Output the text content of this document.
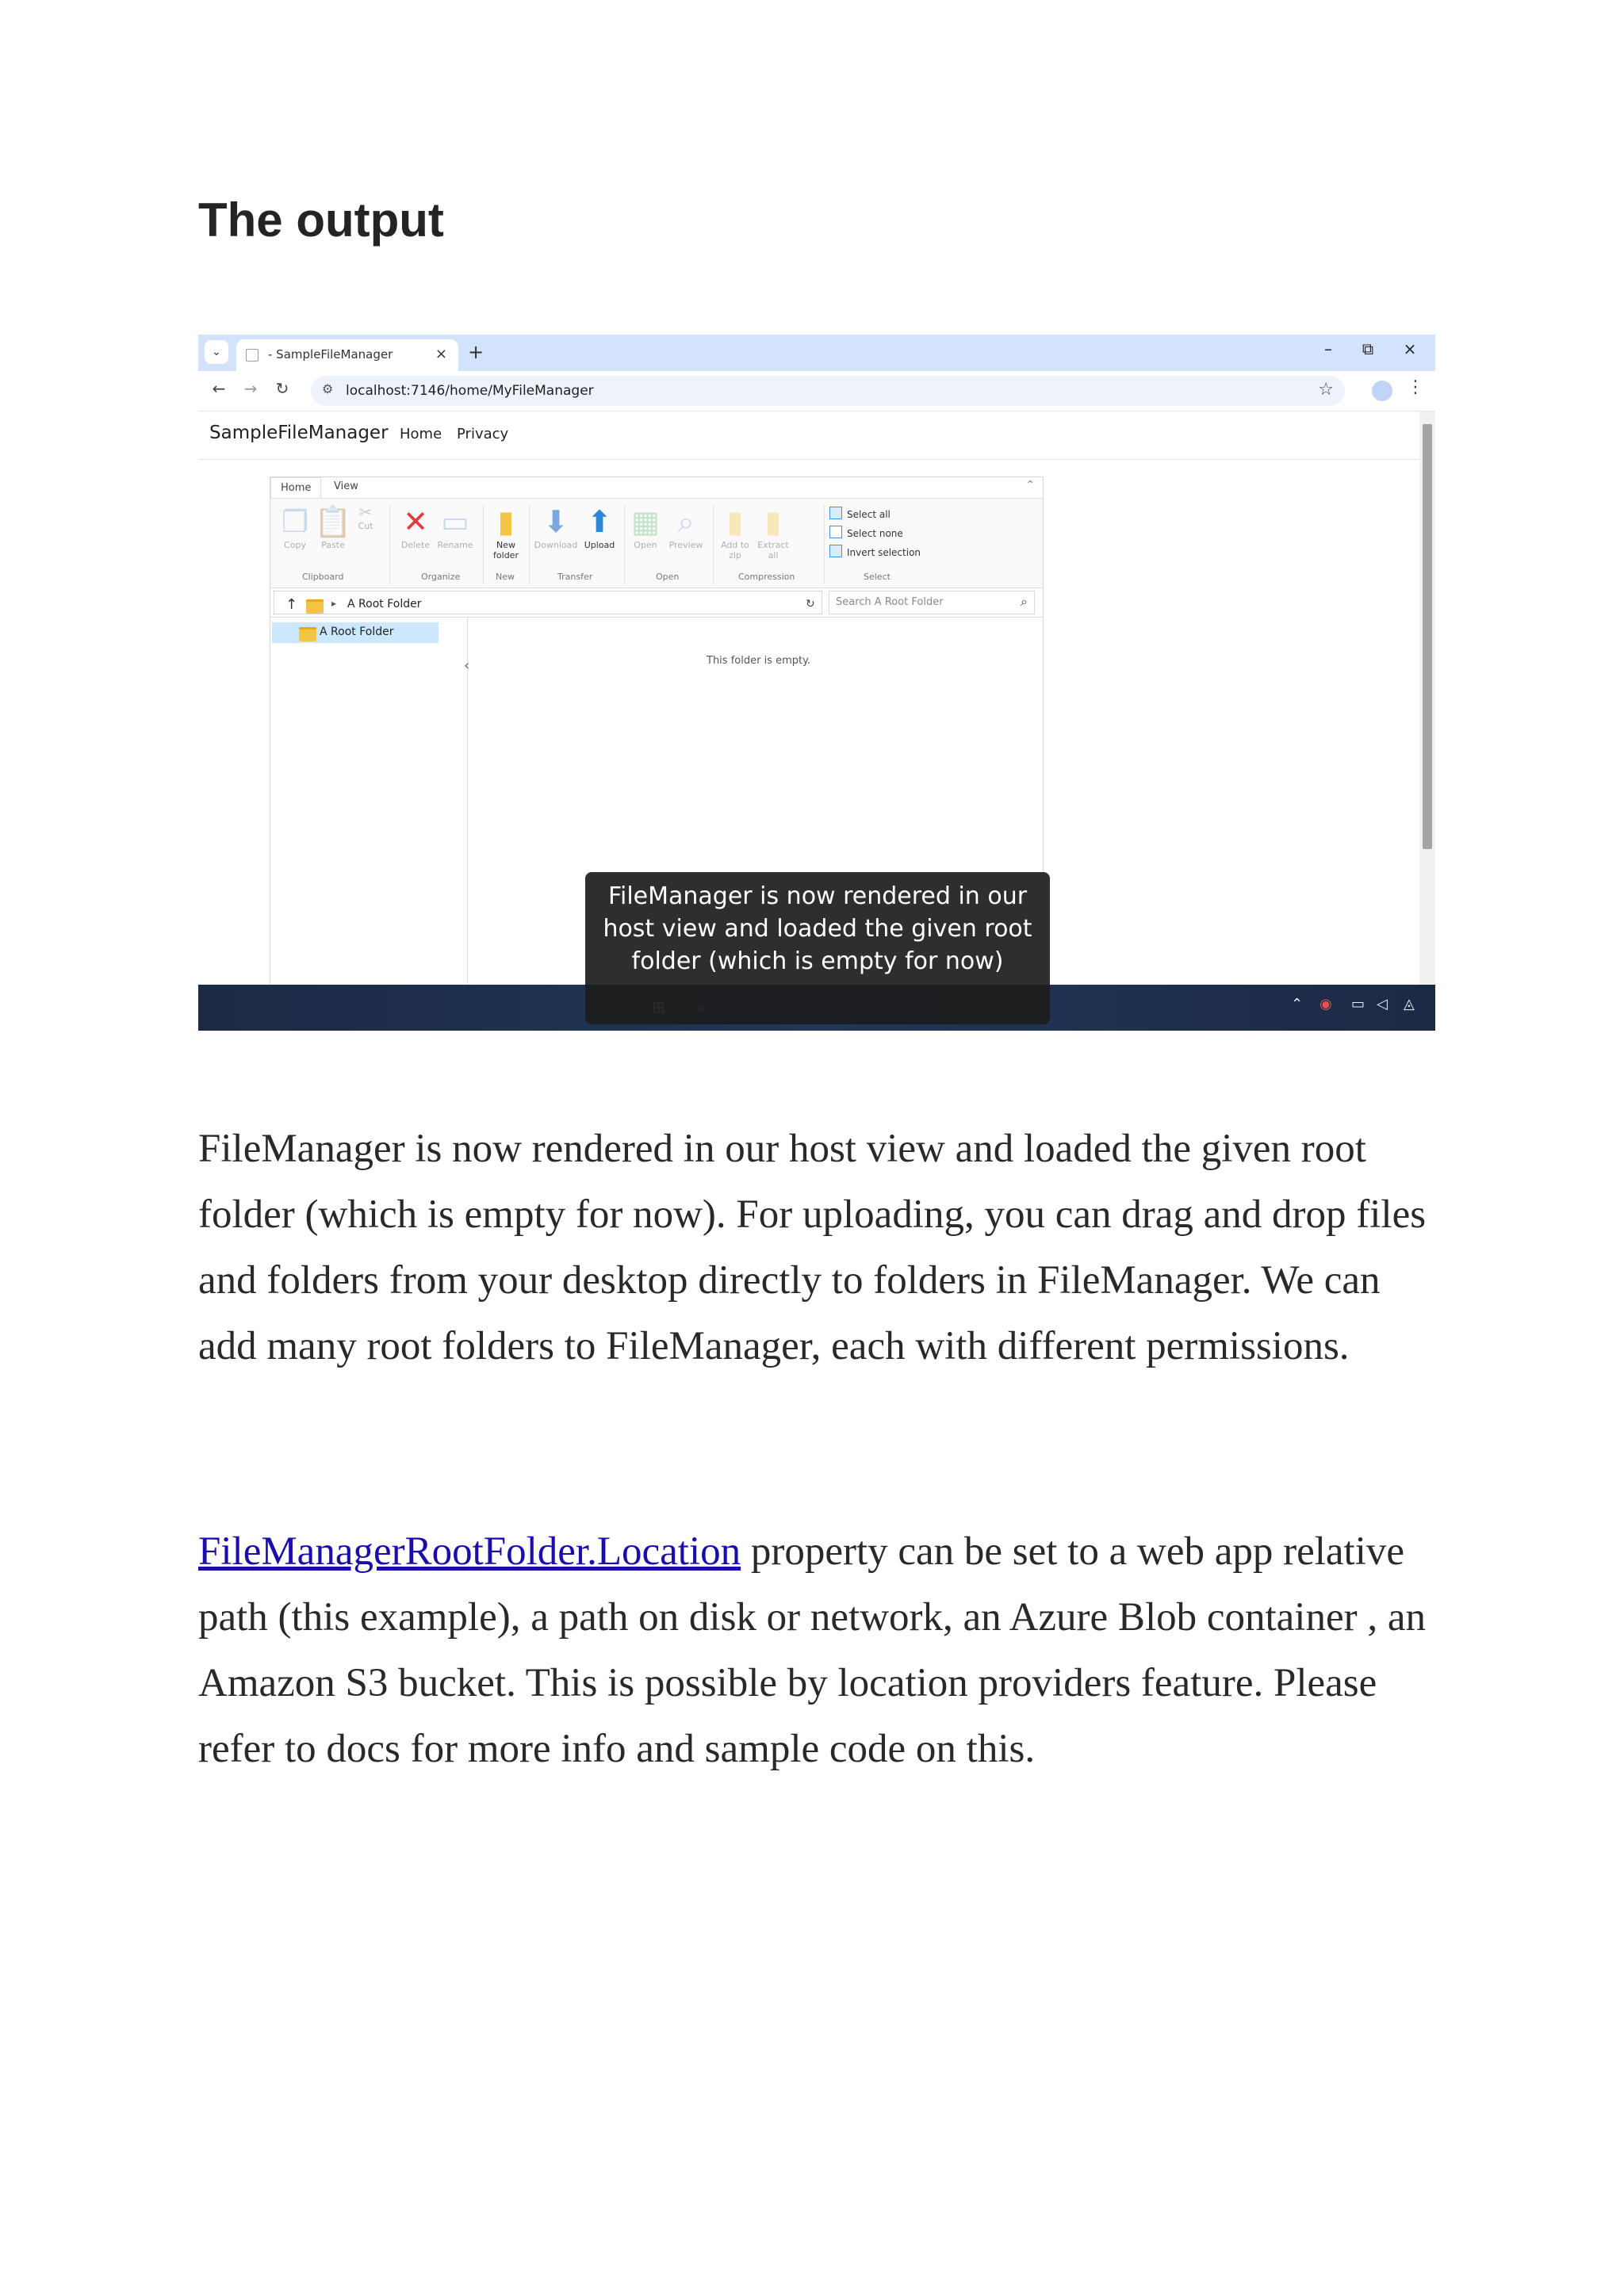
The output
⌄	- SampleFileManager	× +	–	⧉	×
← → ↻	⚙ localhost:7146/home/MyFileManager	☆	⋮
SampleFileManager Home Privacy
Home	View	⌃
❐
Copy
📋
Paste
✂
Cut ✕
Delete
▭
Rename
▮
New folder
⬇
Download
⬆
Upload
▦
Open
⌕
Preview
▮
Add to zip
▮
Extract all
Select all
Select none
Invert selection
Clipboard	Organize	New	Transfer	Open	Compression	Select
↑	▸ A Root Folder	↻ Search A Root Folder	⌕
A Root Folder
‹	This folder is empty.
⌃ ◉ ▭ ◁ ◬
FileManager is now rendered in our host view and loaded the given root folder (which is empty for now)

FileManager is now rendered in our host view and loaded the given root folder (which is empty for now). For uploading, you can drag and drop files and folders from your desktop directly to folders in FileManager. We can add many root folders to FileManager, each with different permissions.

FileManagerRootFolder.Location property can be set to a web app relative path (this example), a path on disk or network, an Azure Blob container , an Amazon S3 bucket. This is possible by location providers feature. Please refer to docs for more info and sample code on this.
